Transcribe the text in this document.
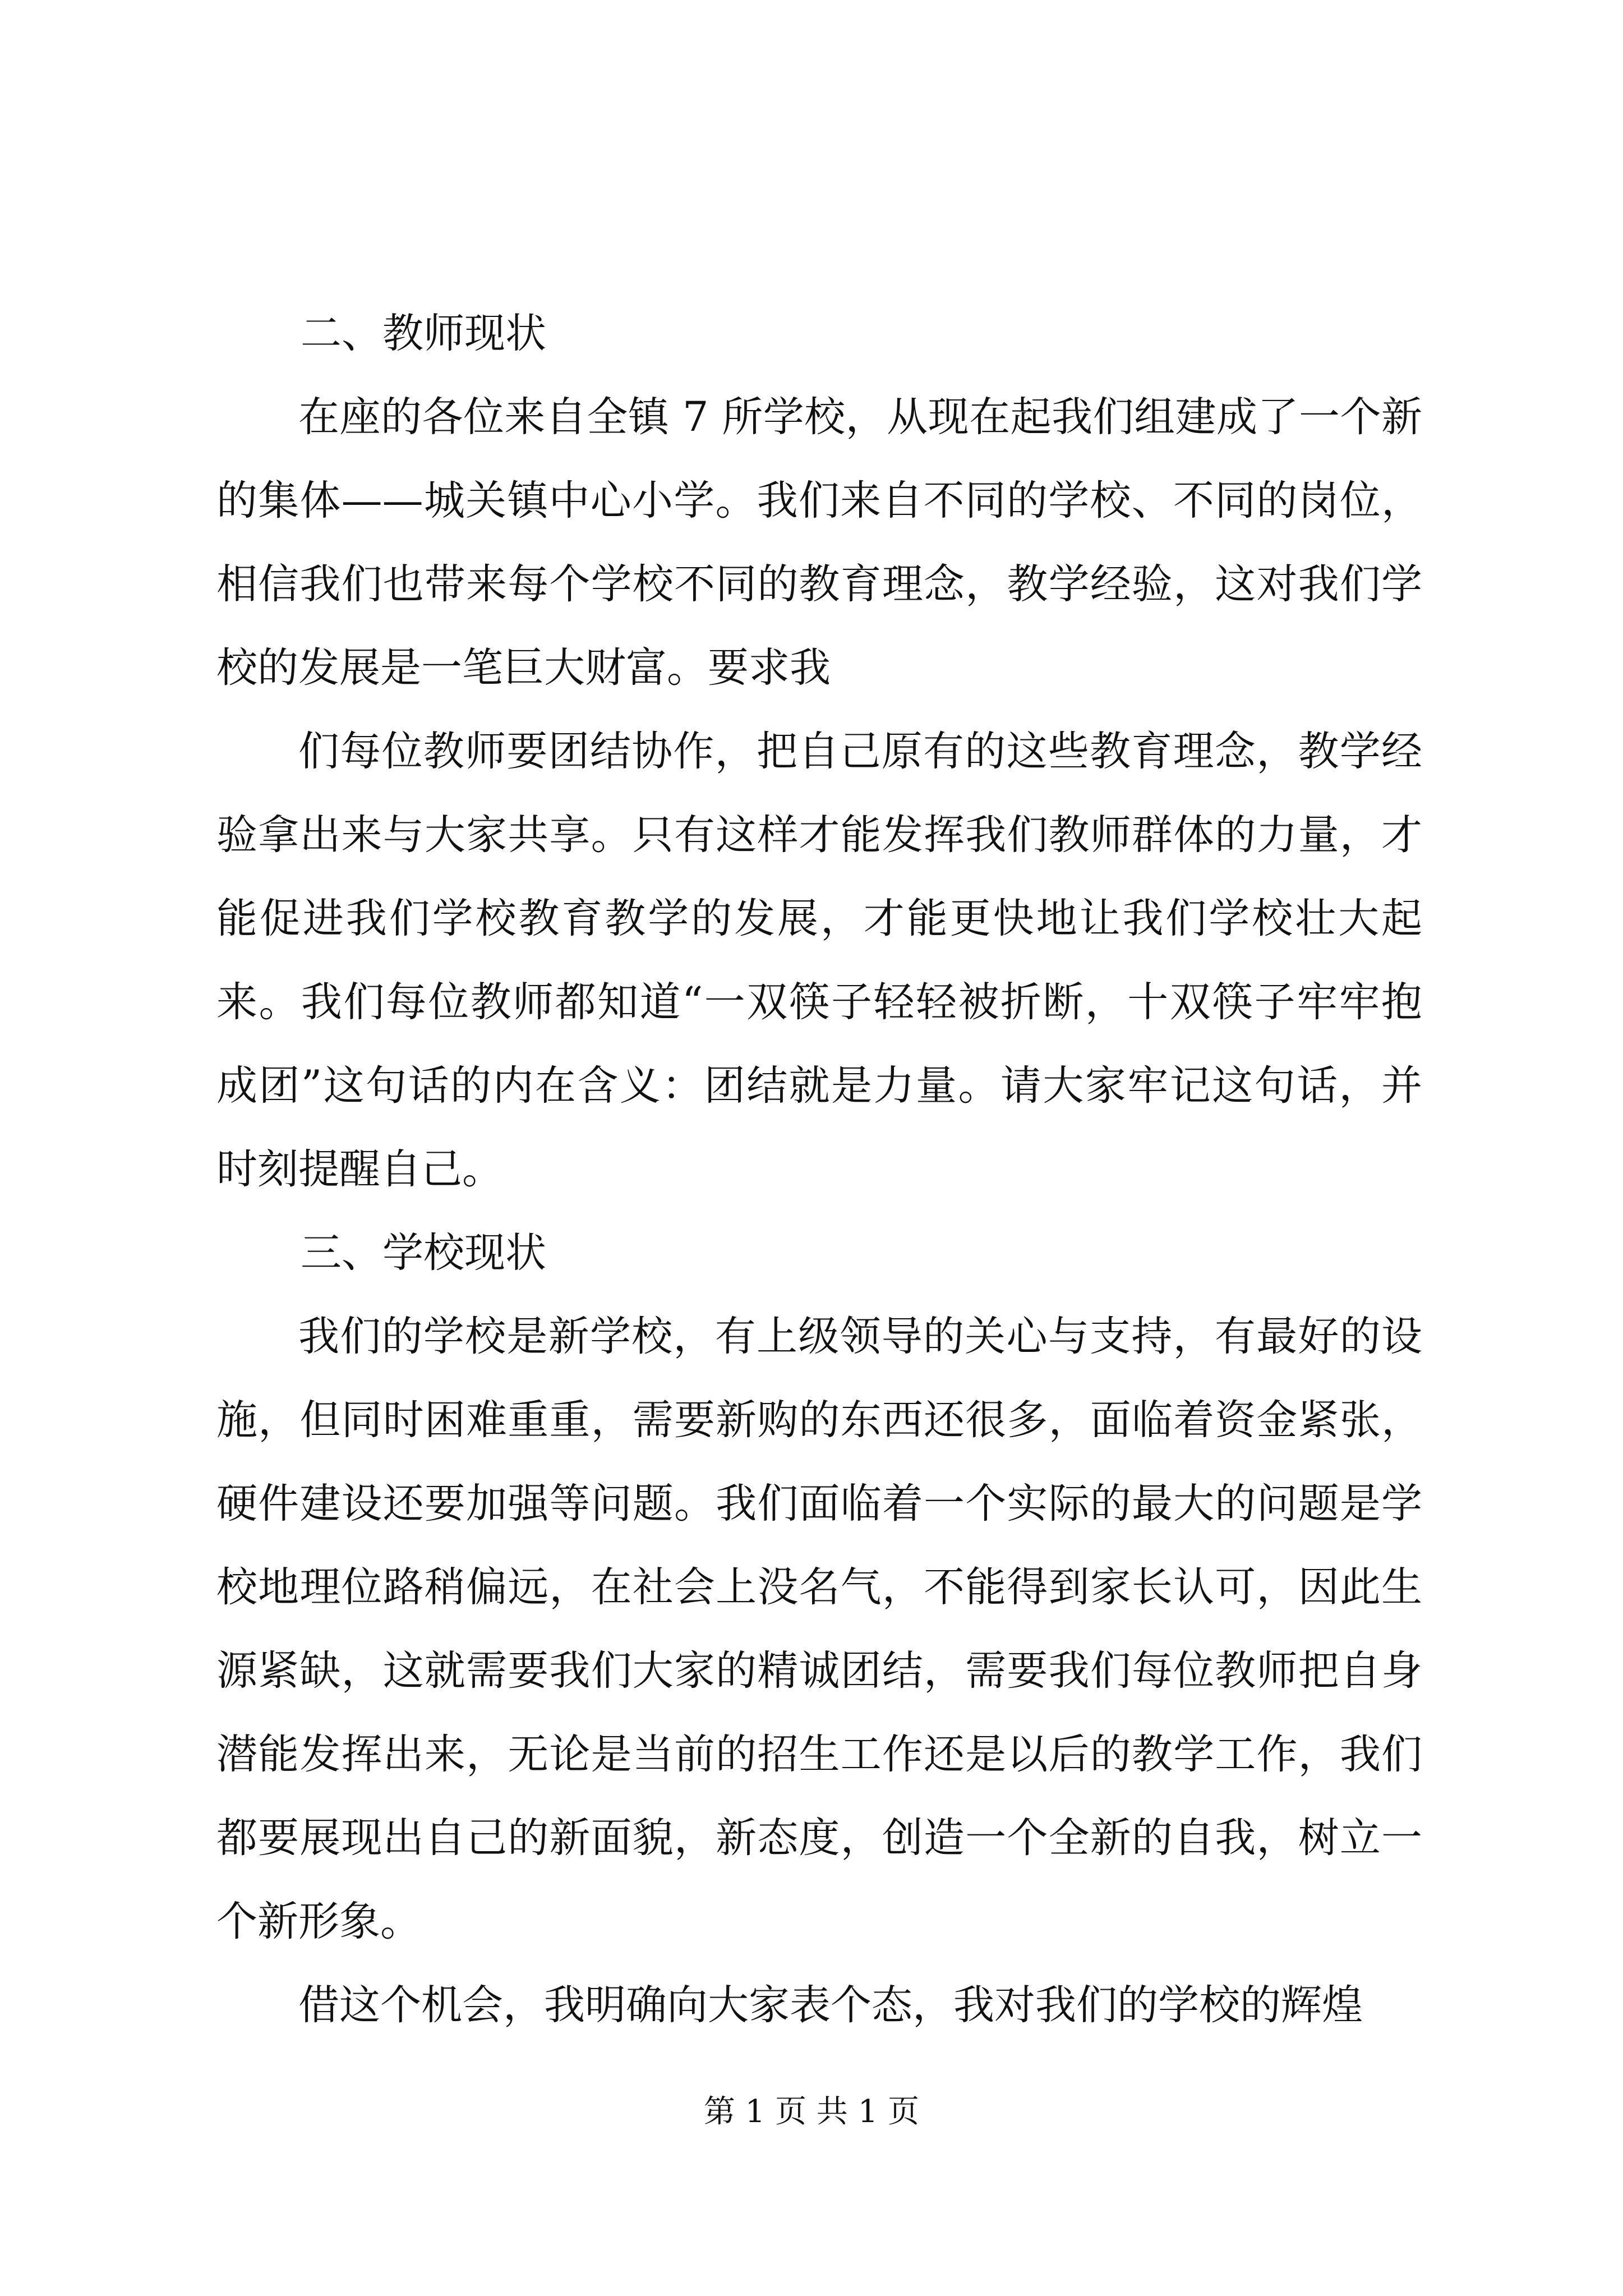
二、教师现状

在座的各位来自全镇 7 所学校，从现在起我们组建成了一个新的集体——城关镇中心小学。我们来自不同的学校、不同的岗位，相信我们也带来每个学校不同的教育理念，教学经验，这对我们学校的发展是一笔巨大财富。要求我

们每位教师要团结协作，把自己原有的这些教育理念，教学经验拿出来与大家共享。只有这样才能发挥我们教师群体的力量，才能促进我们学校教育教学的发展，才能更快地让我们学校壮大起来。我们每位教师都知道“一双筷子轻轻被折断，十双筷子牢牢抱成团”这句话的内在含义：团结就是力量。请大家牢记这句话，并时刻提醒自己。

三、学校现状

我们的学校是新学校，有上级领导的关心与支持，有最好的设施，但同时困难重重，需要新购的东西还很多，面临着资金紧张，硬件建设还要加强等问题。我们面临着一个实际的最大的问题是学校地理位路稍偏远，在社会上没名气，不能得到家长认可，因此生源紧缺，这就需要我们大家的精诚团结，需要我们每位教师把自身潜能发挥出来，无论是当前的招生工作还是以后的教学工作，我们都要展现出自己的新面貌，新态度，创造一个全新的自我，树立一个新形象。

借这个机会，我明确向大家表个态，我对我们的学校的辉煌

第 1 页 共 1 页
